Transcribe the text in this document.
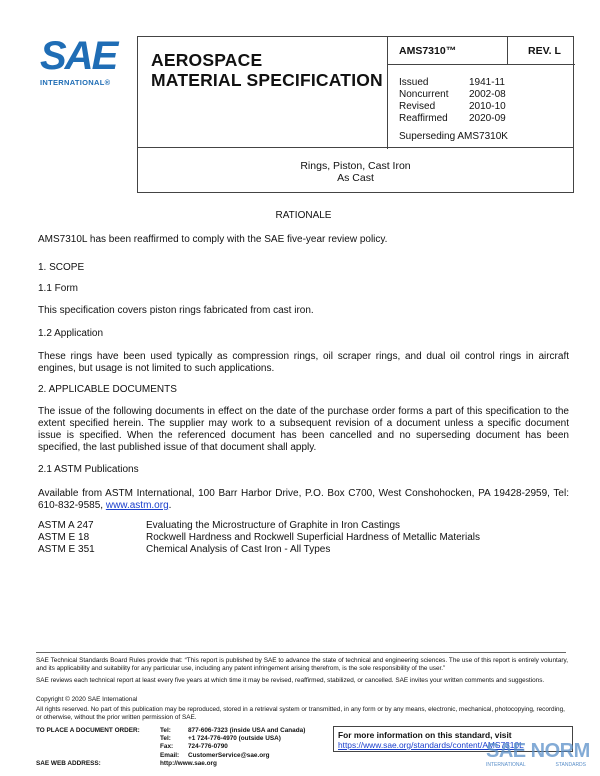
SAE
INTERNATIONAL®
AEROSPACE
MATERIAL SPECIFICATION
AMS7310™	REV. L
Issued	1941-11
Noncurrent	2002-08
Revised	2010-10
Reaffirmed	2020-09
Superseding AMS7310K
Rings, Piston, Cast Iron
As Cast
RATIONALE
AMS7310L has been reaffirmed to comply with the SAE five-year review policy.
1. SCOPE
1.1 Form
This specification covers piston rings fabricated from cast iron.
1.2 Application
These rings have been used typically as compression rings, oil scraper rings, and dual oil control rings in aircraft engines, but usage is not limited to such applications.
2. APPLICABLE DOCUMENTS
The issue of the following documents in effect on the date of the purchase order forms a part of this specification to the extent specified herein. The supplier may work to a subsequent revision of a document unless a specific document issue is specified. When the referenced document has been cancelled and no superseding document has been specified, the last published issue of that document shall apply.
2.1 ASTM Publications
Available from ASTM International, 100 Barr Harbor Drive, P.O. Box C700, West Conshohocken, PA 19428-2959, Tel: 610-832-9585, www.astm.org.
ASTM A 247	Evaluating the Microstructure of Graphite in Iron Castings
ASTM E 18	Rockwell Hardness and Rockwell Superficial Hardness of Metallic Materials
ASTM E 351	Chemical Analysis of Cast Iron - All Types
SAE Technical Standards Board Rules provide that: “This report is published by SAE to advance the state of technical and engineering sciences. The use of this report is entirely voluntary, and its applicability and suitability for any particular use, including any patent infringement arising therefrom, is the sole responsibility of the user.”
SAE reviews each technical report at least every five years at which time it may be revised, reaffirmed, stabilized, or cancelled. SAE invites your written comments and suggestions.
Copyright © 2020 SAE International
All rights reserved. No part of this publication may be reproduced, stored in a retrieval system or transmitted, in any form or by any means, electronic, mechanical, photocopying, recording, or otherwise, without the prior written permission of SAE.
TO PLACE A DOCUMENT ORDER:	Tel:	877-606-7323 (inside USA and Canada)
Tel:	+1 724-776-4970 (outside USA)
Fax:	724-776-0790
Email:	CustomerService@sae.org
SAE WEB ADDRESS:	http://www.sae.org
For more information on this standard, visit
https://www.sae.org/standards/content/AMS7310L
SAE NORM
INTERNATIONAL	STANDARDS
